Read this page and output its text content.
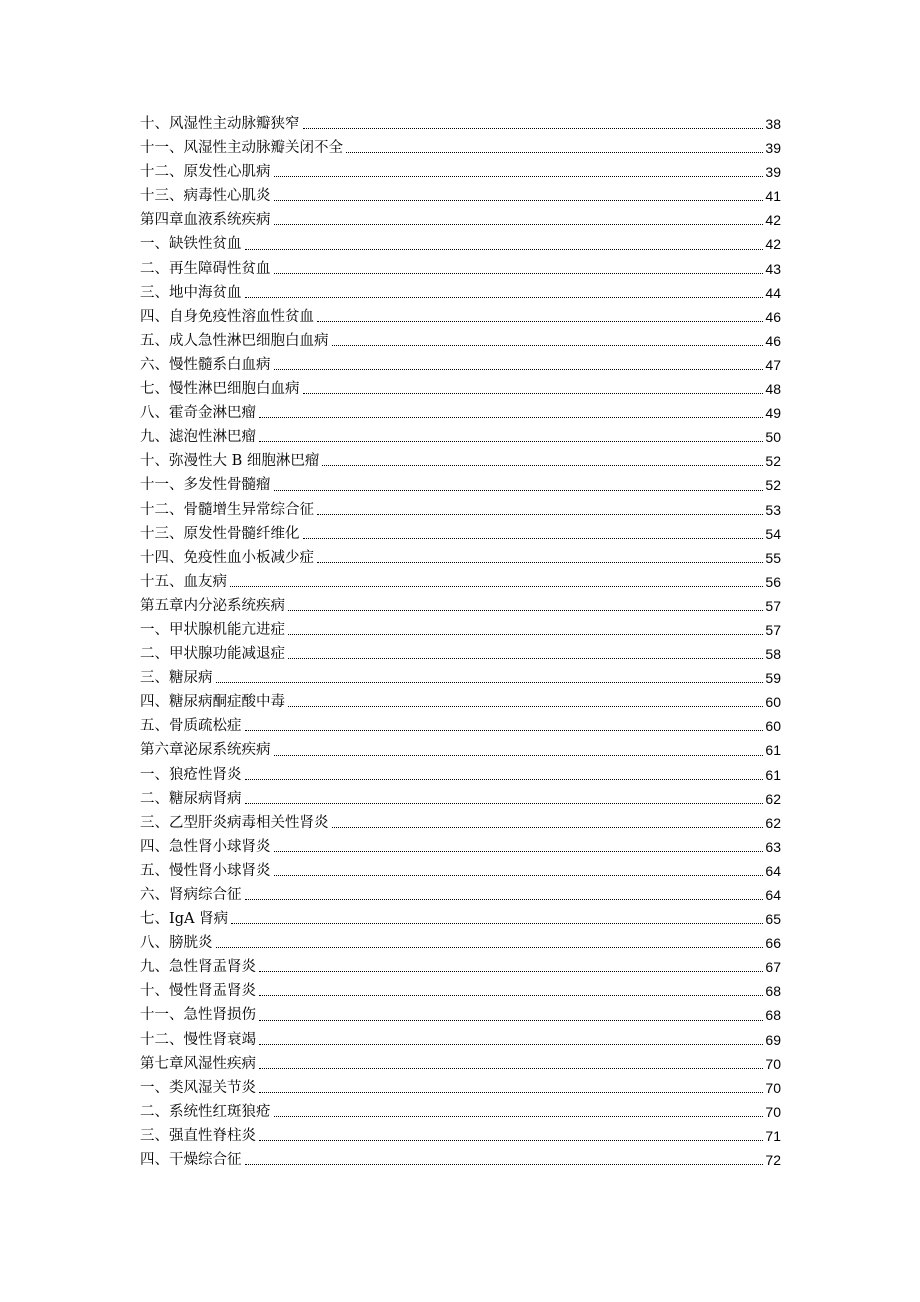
十、风湿性主动脉瓣狭窄	38
十一、风湿性主动脉瓣关闭不全	39
十二、原发性心肌病	39
十三、病毒性心肌炎	41
第四章血液系统疾病	42
一、缺铁性贫血	42
二、再生障碍性贫血	43
三、地中海贫血	44
四、自身免疫性溶血性贫血	46
五、成人急性淋巴细胞白血病	46
六、慢性髓系白血病	47
七、慢性淋巴细胞白血病	48
八、霍奇金淋巴瘤	49
九、滤泡性淋巴瘤	50
十、弥漫性大 B 细胞淋巴瘤	52
十一、多发性骨髓瘤	52
十二、骨髓增生异常综合征	53
十三、原发性骨髓纤维化	54
十四、免疫性血小板减少症	55
十五、血友病	56
第五章内分泌系统疾病	57
一、甲状腺机能亢进症	57
二、甲状腺功能减退症	58
三、糖尿病	59
四、糖尿病酮症酸中毒	60
五、骨质疏松症	60
第六章泌尿系统疾病	61
一、狼疮性肾炎	61
二、糖尿病肾病	62
三、乙型肝炎病毒相关性肾炎	62
四、急性肾小球肾炎	63
五、慢性肾小球肾炎	64
六、肾病综合征	64
七、IgA 肾病	65
八、膀胱炎	66
九、急性肾盂肾炎	67
十、慢性肾盂肾炎	68
十一、急性肾损伤	68
十二、慢性肾衰竭	69
第七章风湿性疾病	70
一、类风湿关节炎	70
二、系统性红斑狼疮	70
三、强直性脊柱炎	71
四、干燥综合征	72
